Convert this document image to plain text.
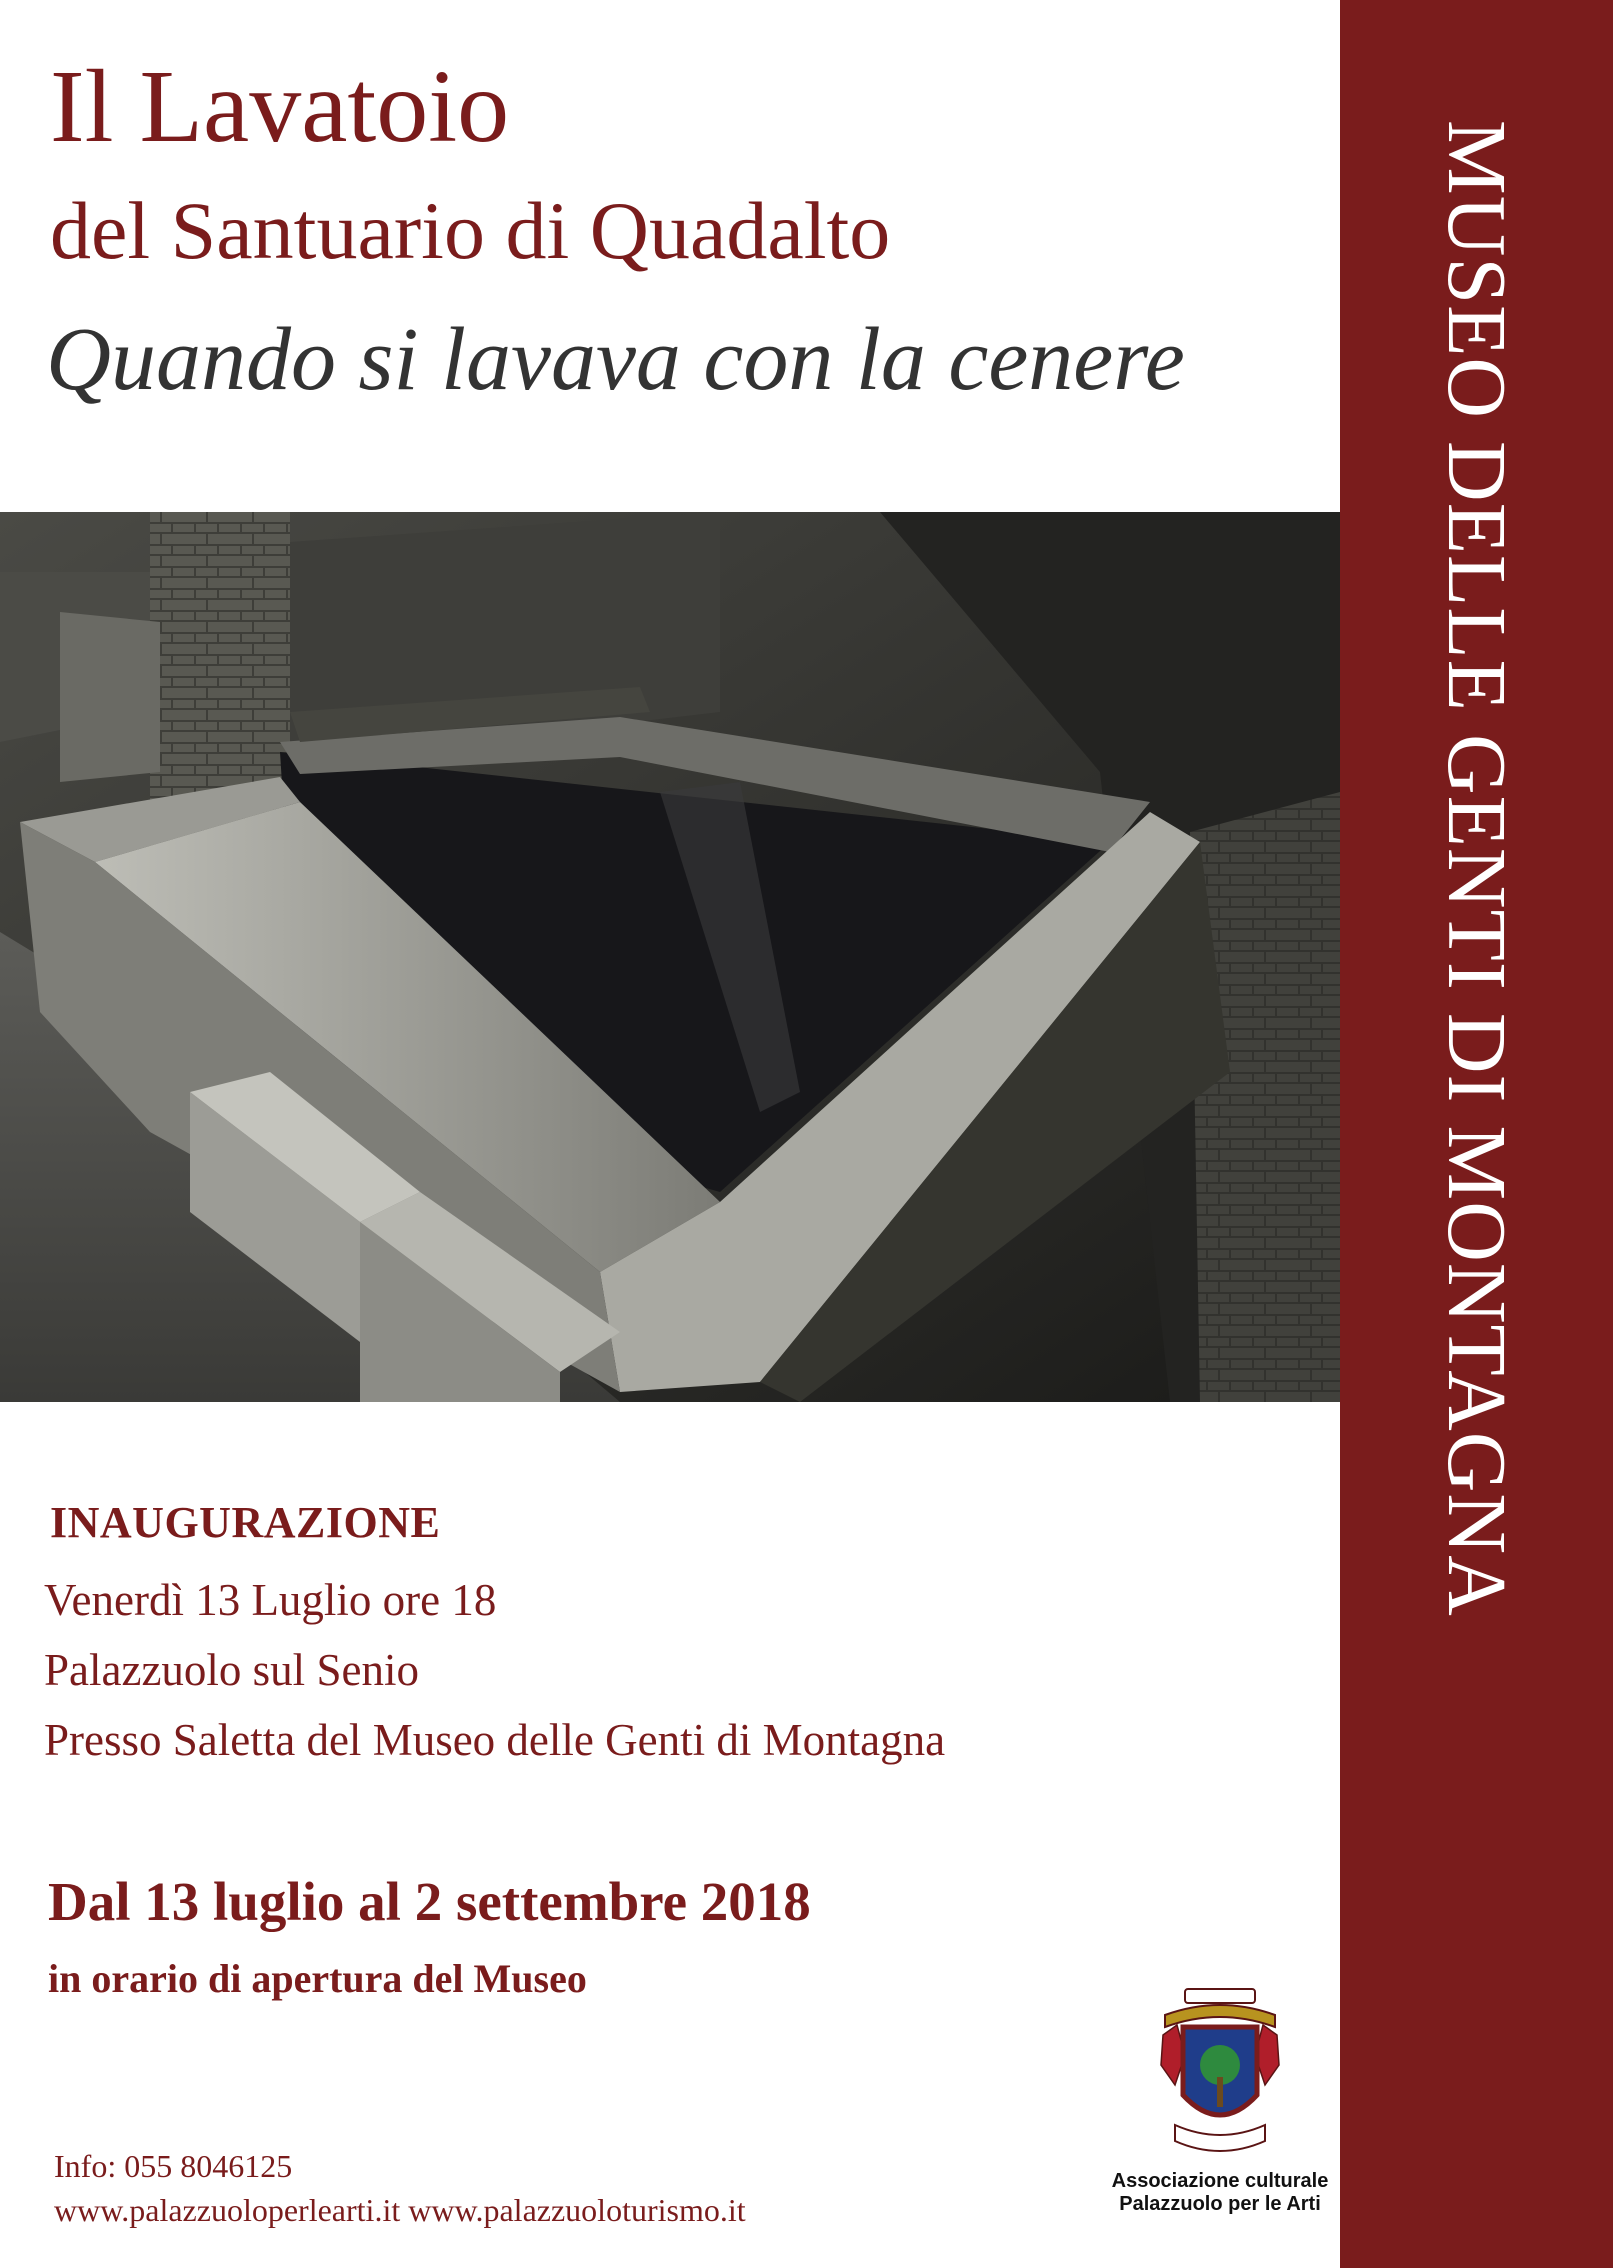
MUSEO DELLE GENTI DI MONTAGNA
Il Lavatoio
del Santuario di Quadalto
Quando si lavava con la cenere
INAUGURAZIONE
Venerdì 13 Luglio ore 18
Palazzuolo sul Senio
Presso Saletta del Museo delle Genti di Montagna
Dal 13 luglio al 2 settembre 2018
in orario di apertura del Museo
Info: 055 8046125
www.palazzuoloperlearti.it www.palazzuoloturismo.it
Associazione culturale
Palazzuolo per le Arti
